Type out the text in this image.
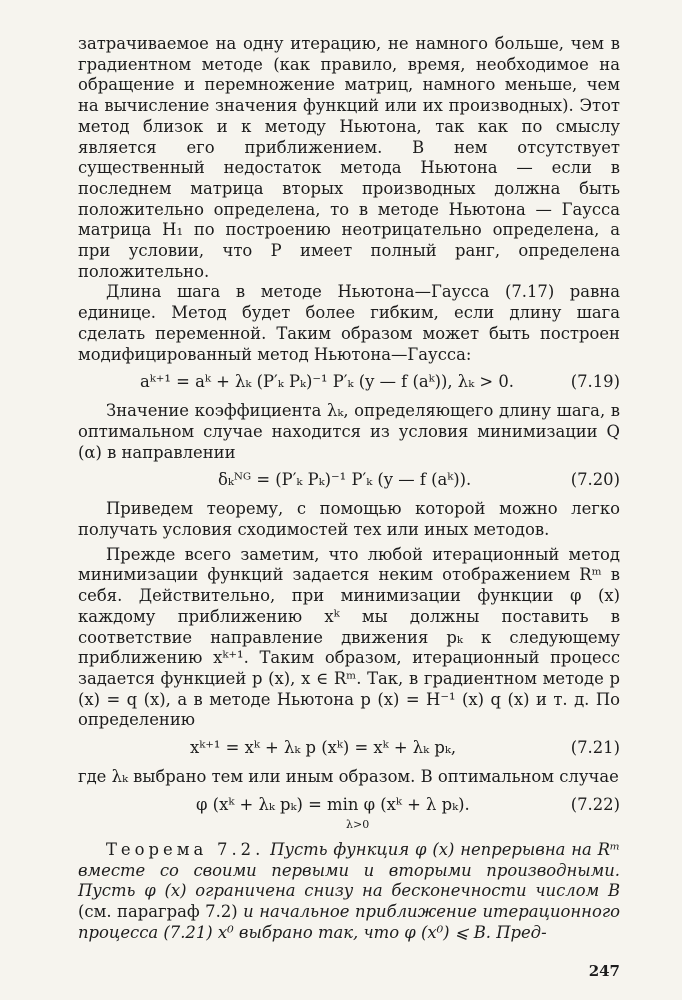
затрачиваемое на одну итерацию, не намного больше, чем в градиентном методе (как правило, время, необходимое на обращение и перемножение матриц, намного меньше, чем на вычисление значения функций или их производных). Этот метод близок и к методу Ньютона, так как по смыслу является его приближением. В нем отсутствует существенный недостаток метода Ньютона — если в последнем матрица вторых производных должна быть положительно определена, то в методе Ньютона — Гаусса матрица H₁ по построению неотрицательно определена, а при условии, что P имеет полный ранг, определена положительно.

Длина шага в методе Ньютона—Гаусса (7.17) равна единице. Метод будет более гибким, если длину шага сделать переменной. Таким образом может быть построен модифицированный метод Ньютона—Гаусса:

aᵏ⁺¹ = aᵏ + λₖ (P′ₖ Pₖ)⁻¹ P′ₖ (y — f (aᵏ)), λₖ > 0.	(7.19)

Значение коэффициента λₖ, определяющего длину шага, в оптимальном случае находится из условия минимизации Q (α) в направлении

δₖᴺᴳ = (P′ₖ Pₖ)⁻¹ P′ₖ (y — f (aᵏ)).	(7.20)

Приведем теорему, с помощью которой можно легко получать условия сходимостей тех или иных методов.

Прежде всего заметим, что любой итерационный метод минимизации функций задается неким отображением Rᵐ в себя. Действительно, при минимизации функции φ (x) каждому приближению xᵏ мы должны поставить в соответствие направление движения pₖ к следующему приближению xᵏ⁺¹. Таким образом, итерационный процесс задается функцией p (x), x ∈ Rᵐ. Так, в градиентном методе p (x) = q (x), а в методе Ньютона p (x) = H⁻¹ (x) q (x) и т. д. По определению

xᵏ⁺¹ = xᵏ + λₖ p (xᵏ) = xᵏ + λₖ pₖ,	(7.21)

где λₖ выбрано тем или иным образом. В оптимальном случае

φ (xᵏ + λₖ pₖ) = min φ (xᵏ + λ pₖ).
λ>0
(7.22)

Теорема 7.2. Пусть функция φ (x) непрерывна на Rᵐ вместе со своими первыми и вторыми производными. Пусть φ (x) ограничена снизу на бесконечности числом B (см. параграф 7.2) и начальное приближение итерационного процесса (7.21) x⁰ выбрано так, что φ (x⁰) ⩽ B. Пред-

247
